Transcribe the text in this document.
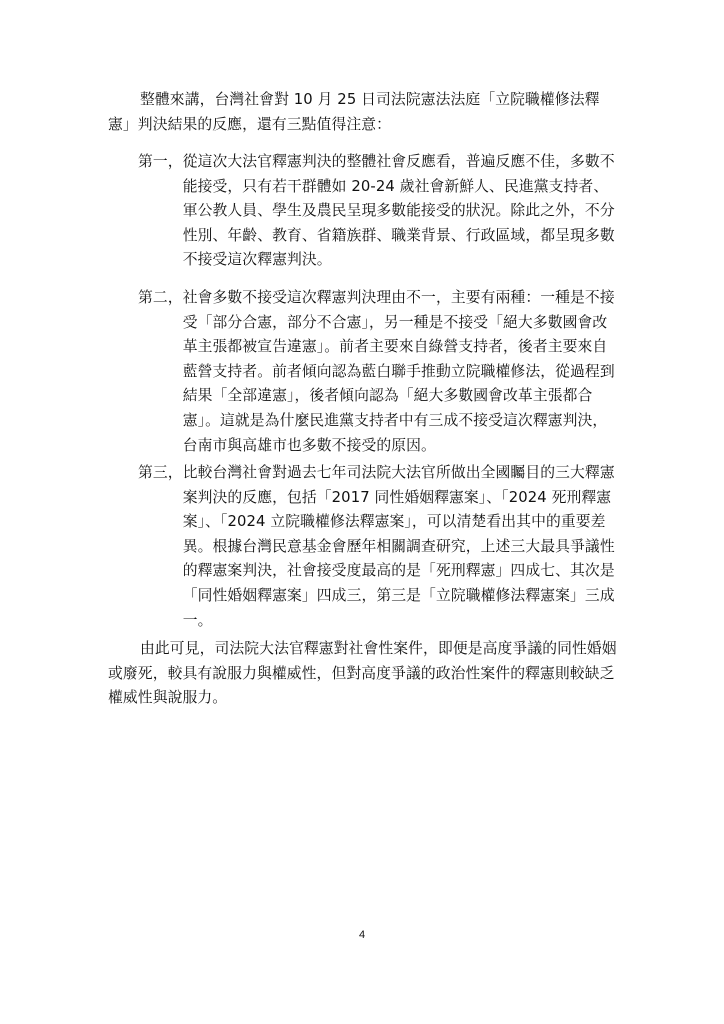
整體來講，台灣社會對 10 月 25 日司法院憲法法庭「立院職權修法釋憲」判決結果的反應，還有三點值得注意：

第一， 從這次大法官釋憲判決的整體社會反應看，普遍反應不佳，多數不能接受，只有若干群體如 20-24 歲社會新鮮人、民進黨支持者、軍公教人員、學生及農民呈現多數能接受的狀況。除此之外，不分性別、年齡、教育、省籍族群、職業背景、行政區域，都呈現多數不接受這次釋憲判決。
第二， 社會多數不接受這次釋憲判決理由不一，主要有兩種：一種是不接受「部分合憲，部分不合憲」，另一種是不接受「絕大多數國會改革主張都被宣告違憲」。前者主要來自綠營支持者，後者主要來自藍營支持者。前者傾向認為藍白聯手推動立院職權修法，從過程到結果「全部違憲」，後者傾向認為「絕大多數國會改革主張都合憲」。這就是為什麼民進黨支持者中有三成不接受這次釋憲判決，台南市與高雄市也多數不接受的原因。
第三， 比較台灣社會對過去七年司法院大法官所做出全國矚目的三大釋憲案判決的反應，包括「2017 同性婚姻釋憲案」、「2024 死刑釋憲案」、「2024 立院職權修法釋憲案」，可以清楚看出其中的重要差異。根據台灣民意基金會歷年相關調查研究，上述三大最具爭議性的釋憲案判決，社會接受度最高的是「死刑釋憲」四成七、其次是「同性婚姻釋憲案」四成三，第三是「立院職權修法釋憲案」三成一。

由此可見，司法院大法官釋憲對社會性案件，即便是高度爭議的同性婚姻或廢死，較具有說服力與權威性，但對高度爭議的政治性案件的釋憲則較缺乏權威性與說服力。

4
